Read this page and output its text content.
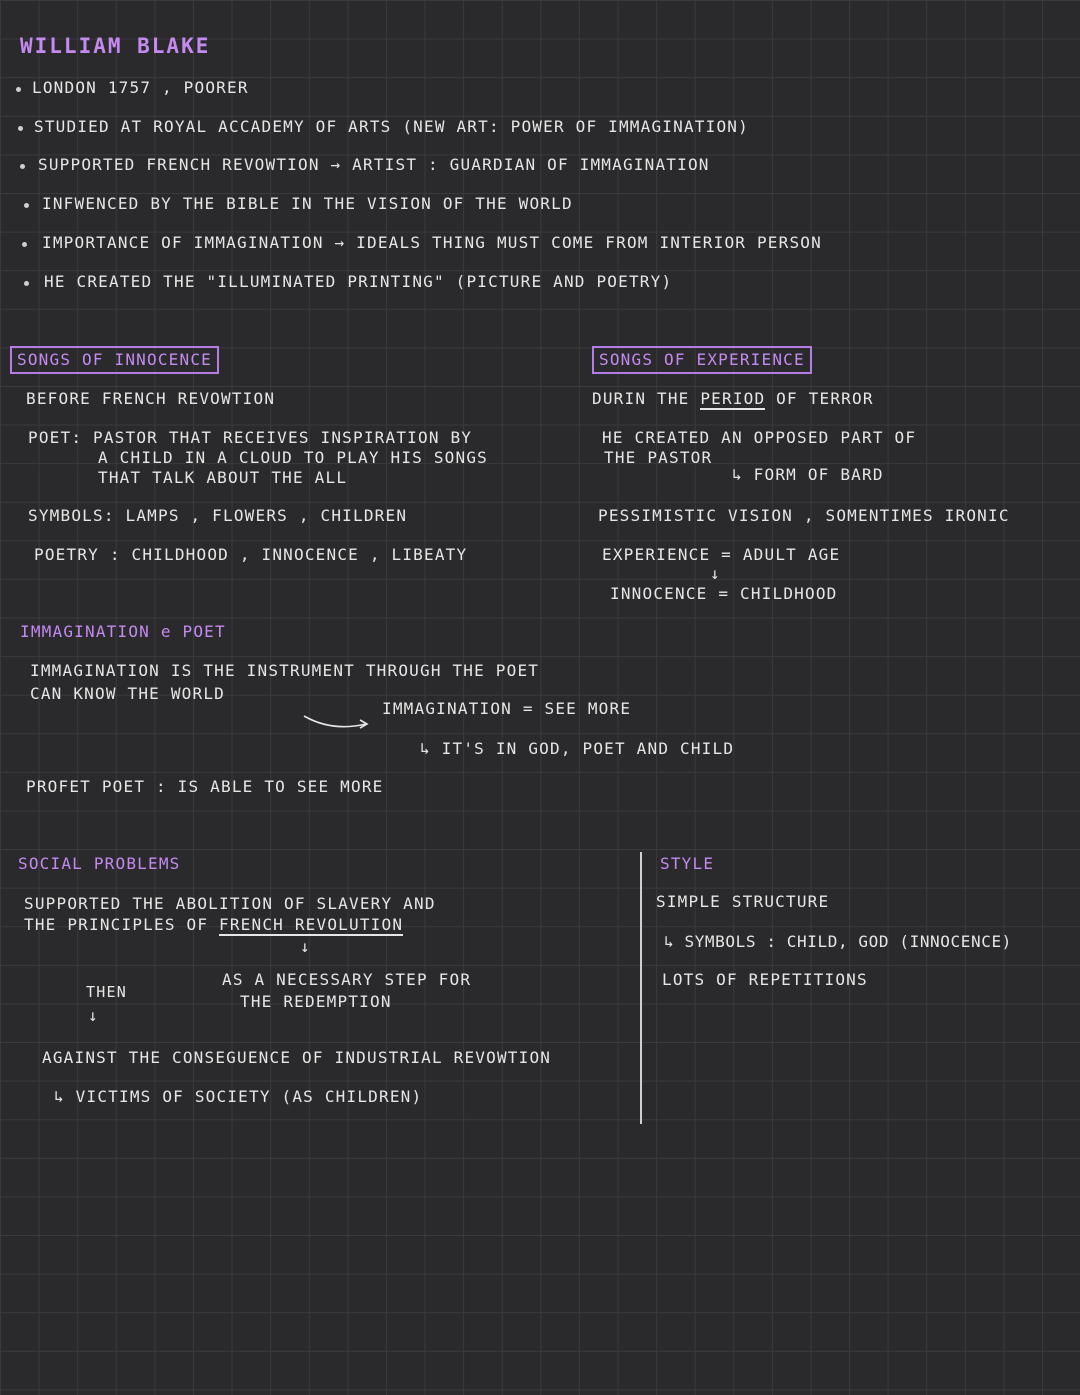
WILLIAM BLAKE
LONDON 1757 , POORER
STUDIED AT ROYAL ACCADEMY OF ARTS (NEW ART: POWER OF IMMAGINATION)
SUPPORTED FRENCH REVOWTION → ARTIST : GUARDIAN OF IMMAGINATION
INFWENCED BY THE BIBLE IN THE VISION OF THE WORLD
IMPORTANCE OF IMMAGINATION → IDEALS THING MUST COME FROM INTERIOR PERSON
HE CREATED THE "ILLUMINATED PRINTING" (PICTURE AND POETRY)
SONGS OF INNOCENCE
BEFORE FRENCH REVOWTION
POET: PASTOR THAT RECEIVES INSPIRATION BY
A CHILD IN A CLOUD TO PLAY HIS SONGS
THAT TALK ABOUT THE ALL
SYMBOLS: LAMPS , FLOWERS , CHILDREN
POETRY : CHILDHOOD , INNOCENCE , LIBEATY
SONGS OF EXPERIENCE
DURIN THE PERIOD OF TERROR
HE CREATED AN OPPOSED PART OF
THE PASTOR
↳ FORM OF BARD
PESSIMISTIC VISION , SOMENTIMES IRONIC
EXPERIENCE = ADULT AGE
↓
INNOCENCE = CHILDHOOD
IMMAGINATION e POET
IMMAGINATION IS THE INSTRUMENT THROUGH THE POET
CAN KNOW THE WORLD
IMMAGINATION = SEE MORE
↳ IT'S IN GOD, POET AND CHILD
PROFET POET : IS ABLE TO SEE MORE
SOCIAL PROBLEMS
SUPPORTED THE ABOLITION OF SLAVERY AND
THE PRINCIPLES OF FRENCH REVOLUTION
↓
AS A NECESSARY STEP FOR
THE REDEMPTION
THEN
↓
AGAINST THE CONSEGUENCE OF INDUSTRIAL REVOWTION
↳ VICTIMS OF SOCIETY (AS CHILDREN)
STYLE
SIMPLE STRUCTURE
↳ SYMBOLS : CHILD, GOD (INNOCENCE)
LOTS OF REPETITIONS
